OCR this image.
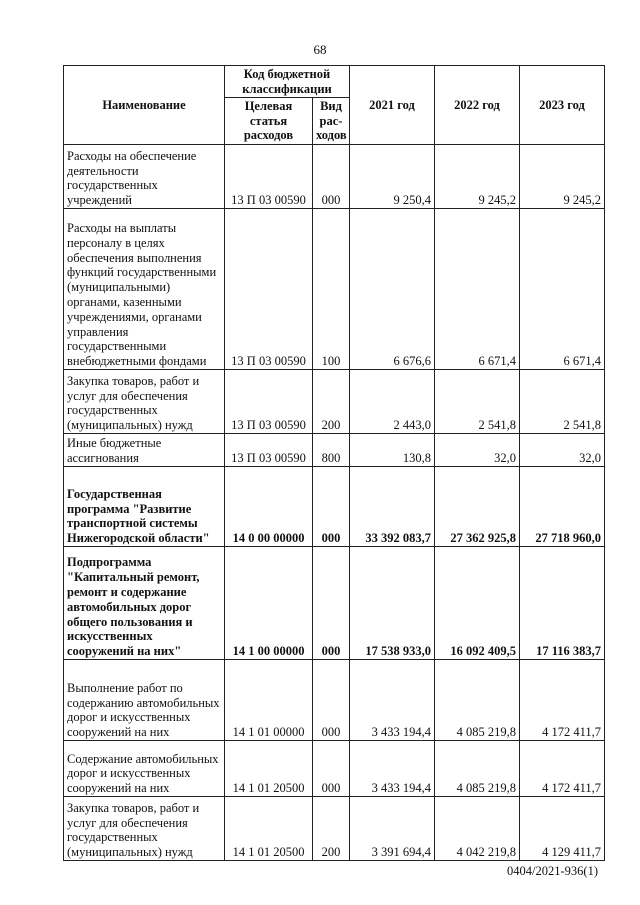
68
Наименование	Код бюджетной классификации		2021 год	2022 год	2023 год
	Целевая статья расходов	Вид рас-ходов			
Расходы на обеспечение деятельности государственных учреждений	13 П 03 00590	000	9 250,4	9 245,2	9 245,2
Расходы на выплаты персоналу в целях обеспечения выполнения функций государственными (муниципальными) органами, казенными учреждениями, органами управления государственными внебюджетными фондами	13 П 03 00590	100	6 676,6	6 671,4	6 671,4
Закупка товаров, работ и услуг для обеспечения государственных (муниципальных) нужд	13 П 03 00590	200	2 443,0	2 541,8	2 541,8
Иные бюджетные ассигнования	13 П 03 00590	800	130,8	32,0	32,0
Государственная программа "Развитие транспортной системы Нижегородской области"	14 0 00 00000	000	33 392 083,7	27 362 925,8	27 718 960,0
Подпрограмма "Капитальный ремонт, ремонт и содержание автомобильных дорог общего пользования и искусственных сооружений на них"	14 1 00 00000	000	17 538 933,0	16 092 409,5	17 116 383,7
Выполнение работ по содержанию автомобильных дорог и искусственных сооружений на них	14 1 01 00000	000	3 433 194,4	4 085 219,8	4 172 411,7
Содержание автомобильных дорог и искусственных сооружений на них	14 1 01 20500	000	3 433 194,4	4 085 219,8	4 172 411,7
Закупка товаров, работ и услуг для обеспечения государственных (муниципальных) нужд	14 1 01 20500	200	3 391 694,4	4 042 219,8	4 129 411,7
0404/2021-936(1)
